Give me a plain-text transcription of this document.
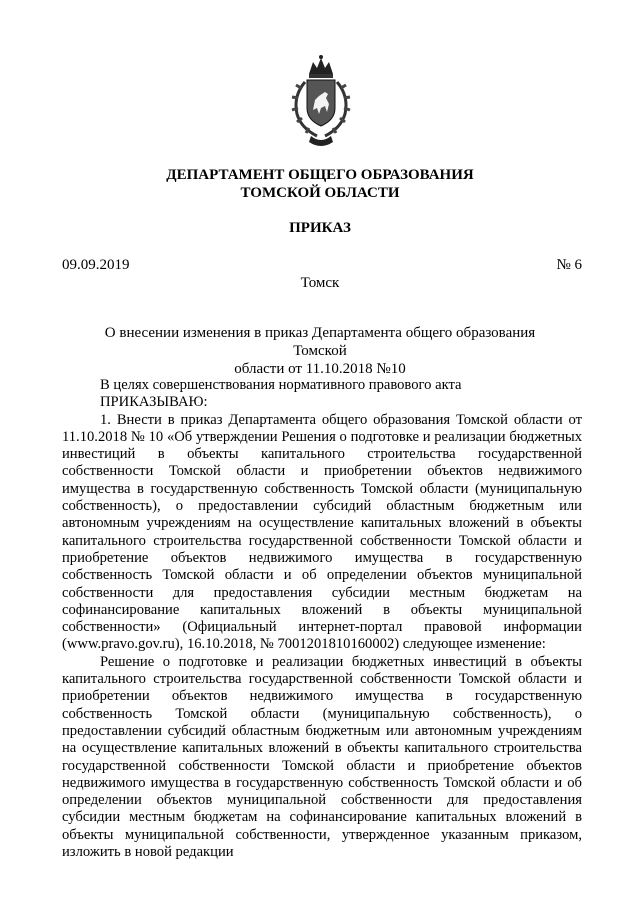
ДЕПАРТАМЕНТ ОБЩЕГО ОБРАЗОВАНИЯ
ТОМСКОЙ ОБЛАСТИ
ПРИКАЗ
09.09.2019	№ 6
Томск
О внесении изменения в приказ Департамента общего образования Томской
области от 11.10.2018 №10

В целях совершенствования нормативного правового акта

ПРИКАЗЫВАЮ:

1. Внести в приказ Департамента общего образования Томской области от 11.10.2018 № 10 «Об утверждении Решения о подготовке и реализации бюджетных инвестиций в объекты капитального строительства государственной собственности Томской области и приобретении объектов недвижимого имущества в государственную собственность Томской области (муниципальную собственность), о предоставлении субсидий областным бюджетным или автономным учреждениям на осуществление капитальных вложений в объекты капитального строительства государственной собственности Томской области и приобретение объектов недвижимого имущества в государственную собственность Томской области и об определении объектов муниципальной собственности для предоставления субсидии местным бюджетам на софинансирование капитальных вложений в объекты муниципальной собственности» (Официальный интернет-портал правовой информации (www.pravo.gov.ru), 16.10.2018, № 7001201810160002) следующее изменение:

Решение о подготовке и реализации бюджетных инвестиций в объекты капитального строительства государственной собственности Томской области и приобретении объектов недвижимого имущества в государственную собственность Томской области (муниципальную собственность), о предоставлении субсидий областным бюджетным или автономным учреждениям на осуществление капитальных вложений в объекты капитального строительства государственной собственности Томской области и приобретение объектов недвижимого имущества в государственную собственность Томской области и об определении объектов муниципальной собственности для предоставления субсидии местным бюджетам на софинансирование капитальных вложений в объекты муниципальной собственности, утвержденное указанным приказом, изложить в новой редакции
